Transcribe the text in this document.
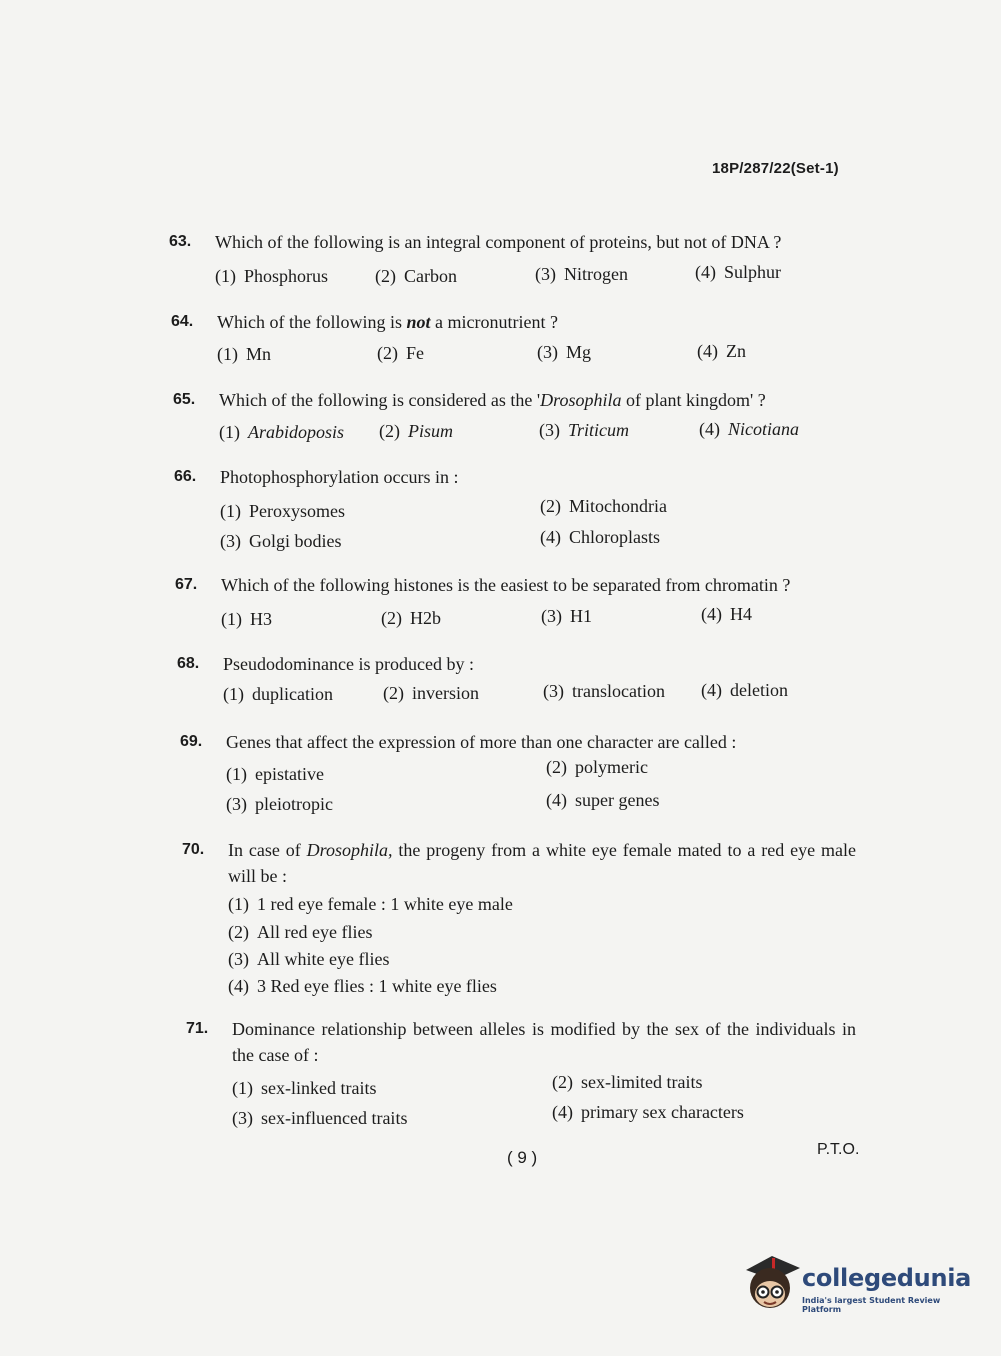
18P/287/22(Set-1)
63. Which of the following is an integral component of proteins, but not of DNA ?
(1) Phosphorus	(2) Carbon	(3) Nitrogen	(4) Sulphur
64. Which of the following is not a micronutrient ?
(1) Mn	(2) Fe	(3) Mg	(4) Zn
65. Which of the following is considered as the 'Drosophila of plant kingdom' ?
(1) Arabidoposis (2) Pisum	(3) Triticum	(4) Nicotiana
66. Photophosphorylation occurs in :
(1) Peroxysomes	(2) Mitochondria
(3) Golgi bodies	(4) Chloroplasts
67. Which of the following histones is the easiest to be separated from chromatin ?
(1) H3	(2) H2b	(3) H1	(4) H4
68. Pseudodominance is produced by :
(1) duplication	(2) inversion	(3) translocation (4) deletion
69. Genes that affect the expression of more than one character are called :
(1) epistative	(2) polymeric
(3) pleiotropic	(4) super genes
70. In case of Drosophila, the progeny from a white eye female mated to a red eye male will be :
(1) 1 red eye female : 1 white eye male
(2) All red eye flies
(3) All white eye flies
(4) 3 Red eye flies : 1 white eye flies
71. Dominance relationship between alleles is modified by the sex of the individuals in the case of :
(1) sex-linked traits	(2) sex-limited traits
(3) sex-influenced traits	(4) primary sex characters
( 9 )	P.T.O.
collegedunia
India's largest Student Review Platform
